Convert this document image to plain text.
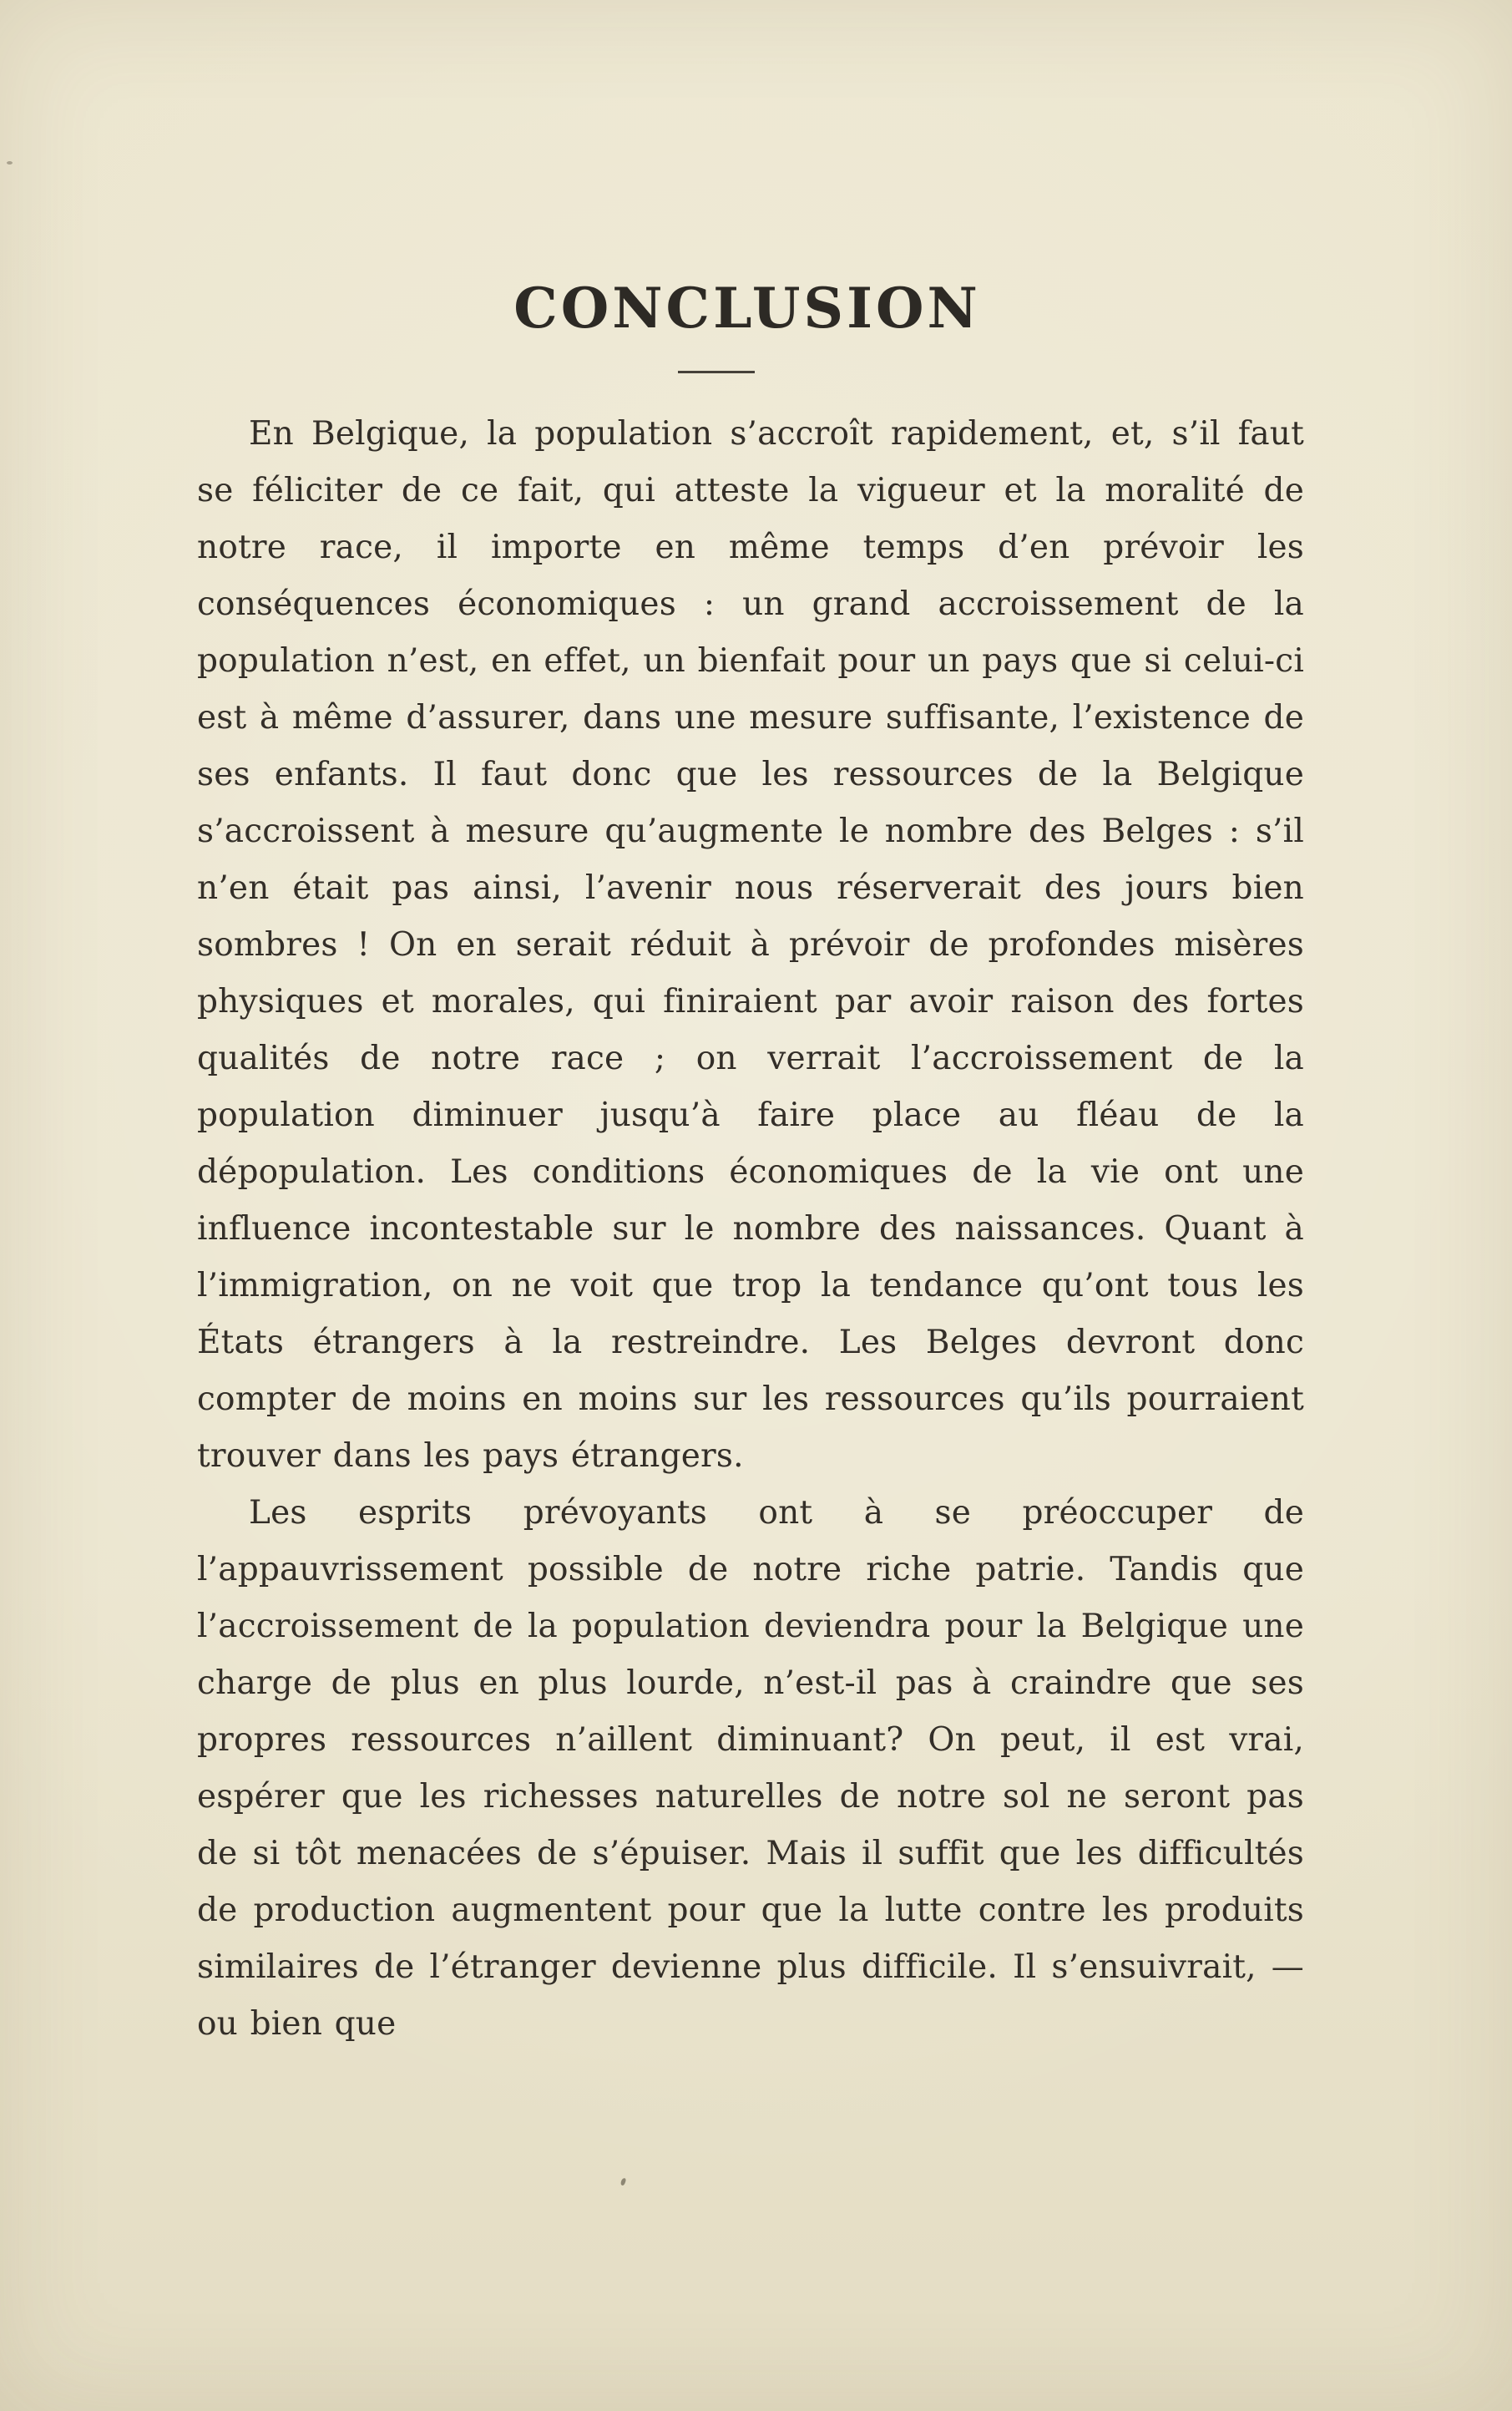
CONCLUSION

En Belgique, la population s’accroît rapidement, et, s’il faut se féliciter de ce fait, qui atteste la vigueur et la moralité de notre race, il importe en même temps d’en prévoir les conséquences économiques : un grand accroissement de la population n’est, en effet, un bienfait pour un pays que si celui-ci est à même d’assurer, dans une mesure suffisante, l’existence de ses enfants. Il faut donc que les ressources de la Belgique s’accroissent à mesure qu’augmente le nombre des Belges : s’il n’en était pas ainsi, l’avenir nous réserverait des jours bien sombres ! On en serait réduit à prévoir de profondes misères physiques et morales, qui finiraient par avoir raison des fortes qualités de notre race ; on verrait l’accroissement de la population diminuer jusqu’à faire place au fléau de la dépopulation. Les conditions économiques de la vie ont une influence incontestable sur le nombre des naissances. Quant à l’immigration, on ne voit que trop la tendance qu’ont tous les États étrangers à la restreindre. Les Belges devront donc compter de moins en moins sur les ressources qu’ils pourraient trouver dans les pays étrangers.

Les esprits prévoyants ont à se préoccuper de l’appauvrissement possible de notre riche patrie. Tandis que l’accroissement de la population deviendra pour la Belgique une charge de plus en plus lourde, n’est-il pas à craindre que ses propres ressources n’aillent diminuant? On peut, il est vrai, espérer que les richesses naturelles de notre sol ne seront pas de si tôt menacées de s’épuiser. Mais il suffit que les difficultés de production augmentent pour que la lutte contre les produits similaires de l’étranger devienne plus difficile. Il s’ensuivrait, — ou bien que
